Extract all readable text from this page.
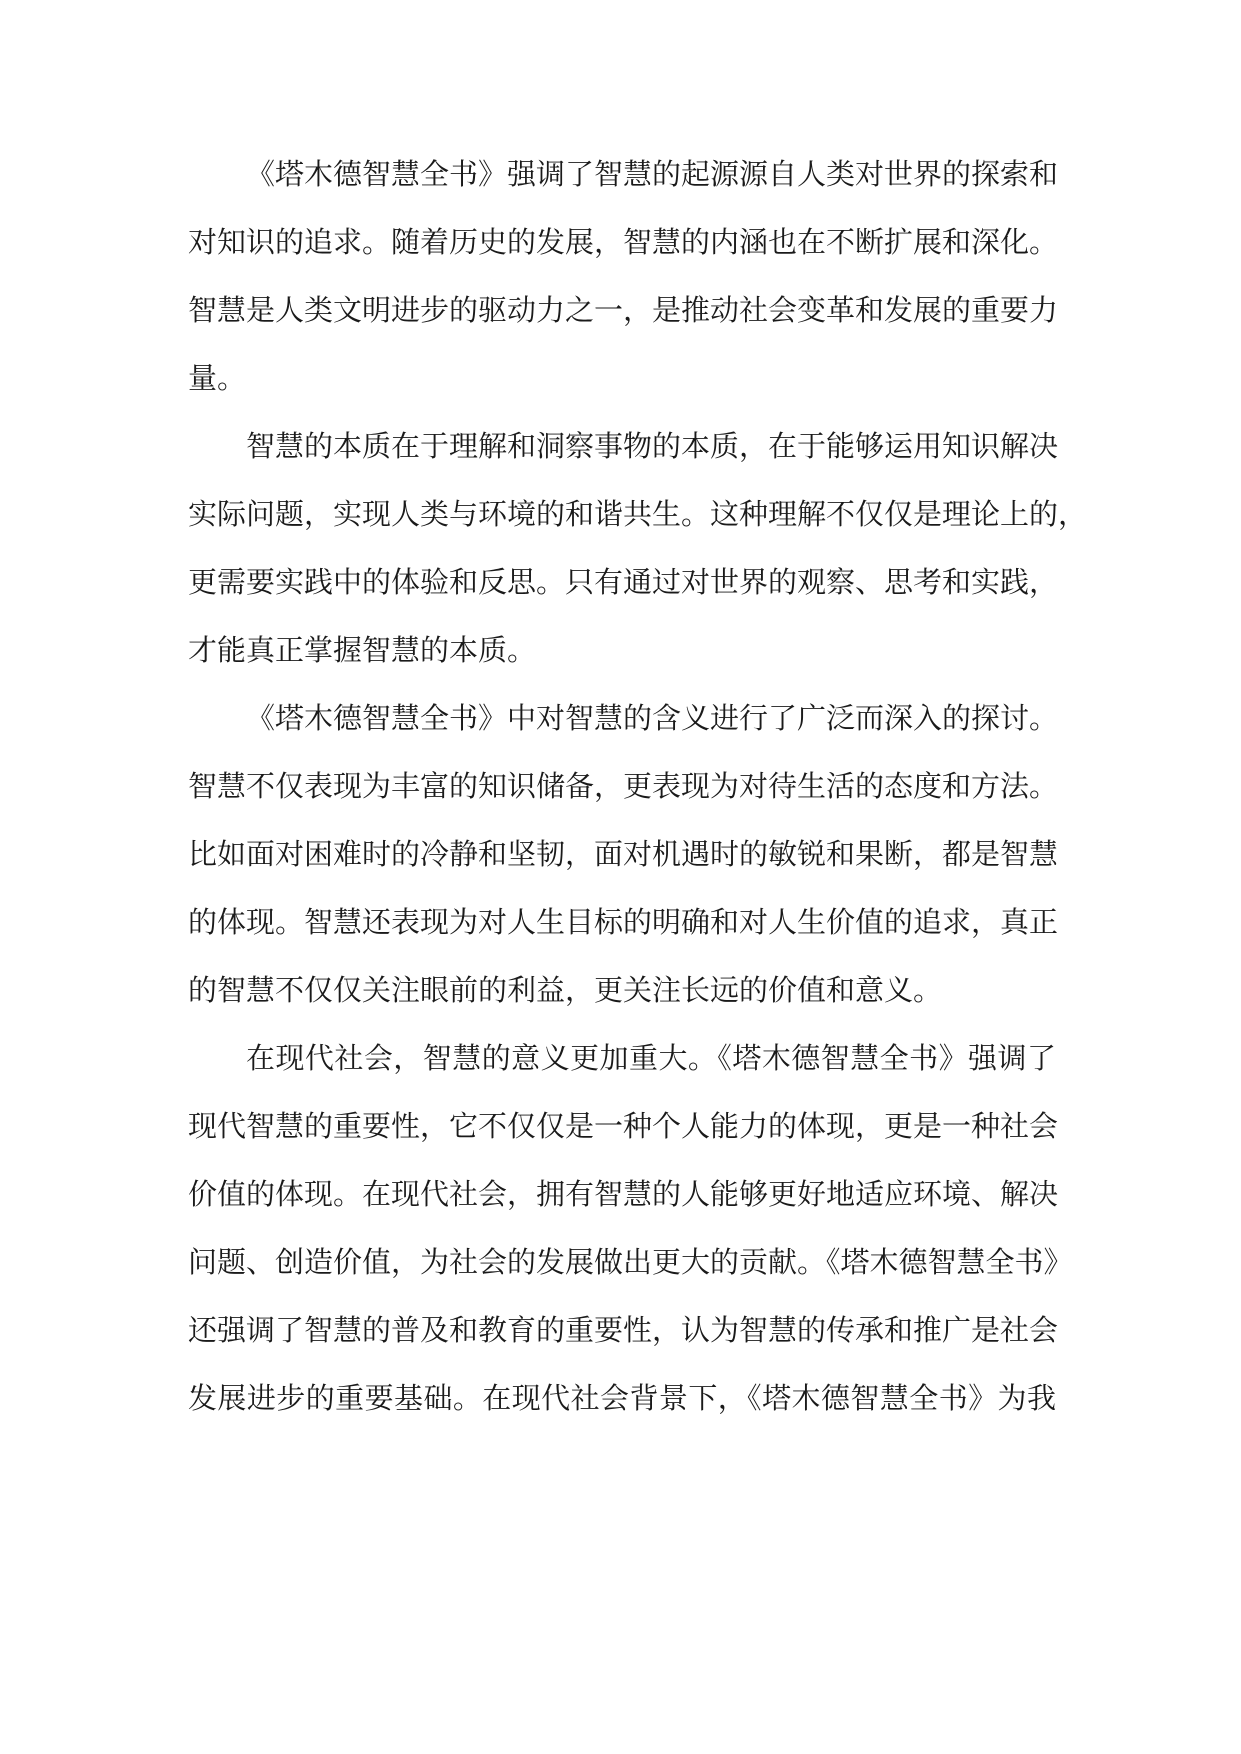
《塔木德智慧全书》强调了智慧的起源源自人类对世界的探索和
对知识的追求。随着历史的发展，智慧的内涵也在不断扩展和深化。
智慧是人类文明进步的驱动力之一，是推动社会变革和发展的重要力
量。
智慧的本质在于理解和洞察事物的本质，在于能够运用知识解决
实际问题，实现人类与环境的和谐共生。这种理解不仅仅是理论上的，
更需要实践中的体验和反思。只有通过对世界的观察、思考和实践，
才能真正掌握智慧的本质。
《塔木德智慧全书》中对智慧的含义进行了广泛而深入的探讨。
智慧不仅表现为丰富的知识储备，更表现为对待生活的态度和方法。
比如面对困难时的冷静和坚韧，面对机遇时的敏锐和果断，都是智慧
的体现。智慧还表现为对人生目标的明确和对人生价值的追求，真正
的智慧不仅仅关注眼前的利益，更关注长远的价值和意义。
在现代社会，智慧的意义更加重大。《塔木德智慧全书》强调了
现代智慧的重要性，它不仅仅是一种个人能力的体现，更是一种社会
价值的体现。在现代社会，拥有智慧的人能够更好地适应环境、解决
问题、创造价值，为社会的发展做出更大的贡献。《塔木德智慧全书》
还强调了智慧的普及和教育的重要性，认为智慧的传承和推广是社会
发展进步的重要基础。在现代社会背景下，《塔木德智慧全书》为我
